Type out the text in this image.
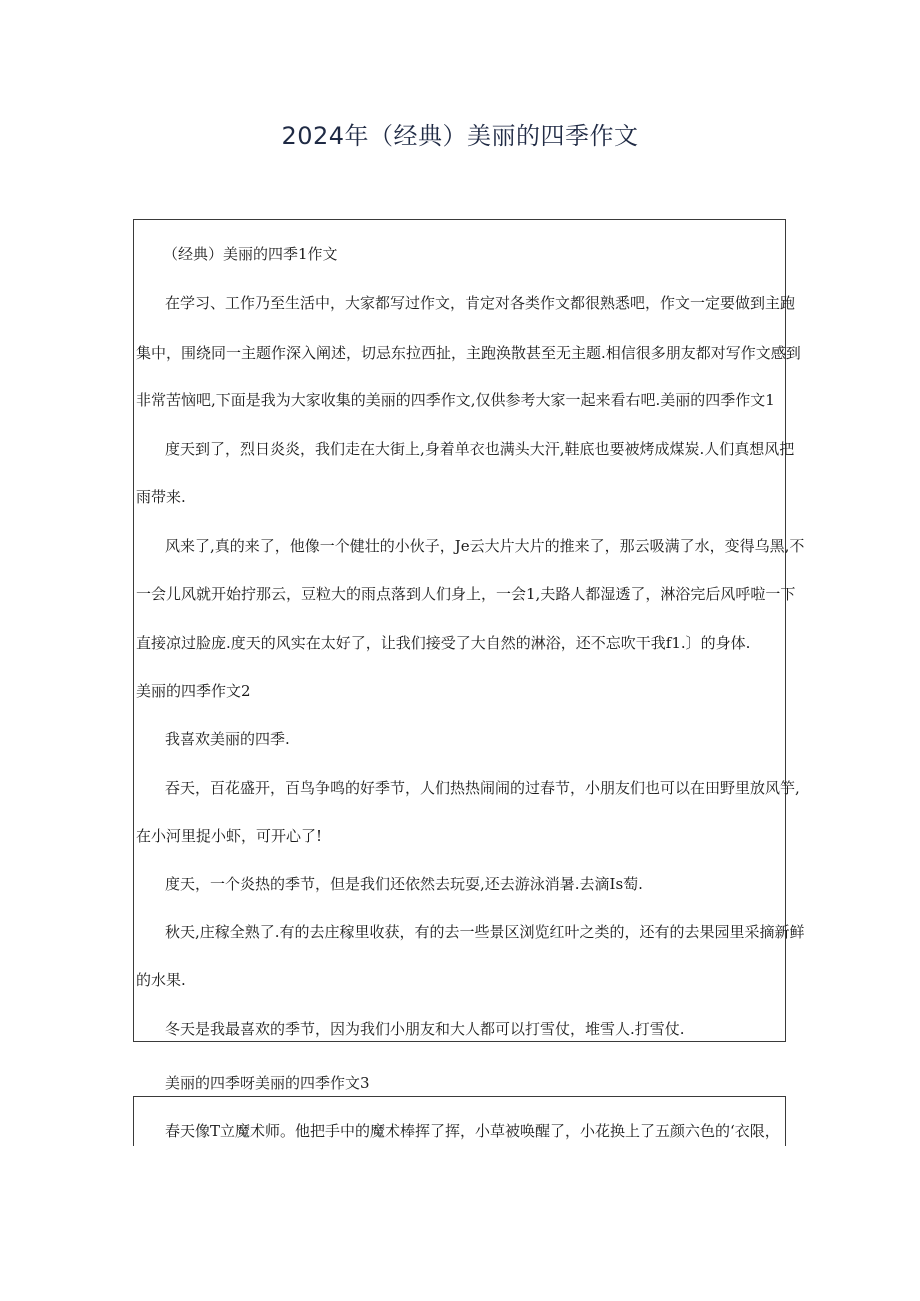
2024年（经典）美丽的四季作文
（经典）美丽的四季1作文
在学习、工作乃至生活中，大家都写过作文，肯定对各类作文都很熟悉吧，作文一定要做到主跑
集中，围绕同一主题作深入阐述，切忌东拉西扯，主跑涣散甚至无主题.相信很多朋友都对写作文感到
非常苦恼吧,下面是我为大家收集的美丽的四季作文,仅供参考大家一起来看右吧.美丽的四季作文1
度天到了，烈日炎炎，我们走在大街上,身着单衣也满头大汗,鞋底也要被烤成煤炭.人们真想风把
雨带来.
风来了,真的来了，他像一个健壮的小伙子，Je云大片大片的推来了，那云吸满了水，变得乌黑,不
一会儿风就开始拧那云，豆粒大的雨点落到人们身上，一会1,夫路人都湿透了，淋浴完后风呼啦一下
直接凉过脸庞.度天的风实在太好了，让我们接受了大自然的淋浴，还不忘吹干我f1.〕的身体.
美丽的四季作文2
我喜欢美丽的四季.
吞天，百花盛开，百鸟争鸣的好季节，人们热热闹闹的过春节，小朋友们也可以在田野里放风竽,
在小河里捉小虾，可开心了!
度天，一个炎热的季节，但是我们还依然去玩耍,还去游泳消暑.去滴Is萄.
秋天,庄稼全熟了.有的去庄稼里收获，有的去一些景区浏览红叶之类的，还有的去果园里采摘新鲜
的水果.
冬天是我最喜欢的季节，因为我们小朋友和大人都可以打雪仗，堆雪人.打雪仗.
美丽的四季呀美丽的四季作文3
春天像T立魔术师。他把手中的魔术棒挥了挥，小草被唤醒了，小花换上了五颜六色的‘衣限，
